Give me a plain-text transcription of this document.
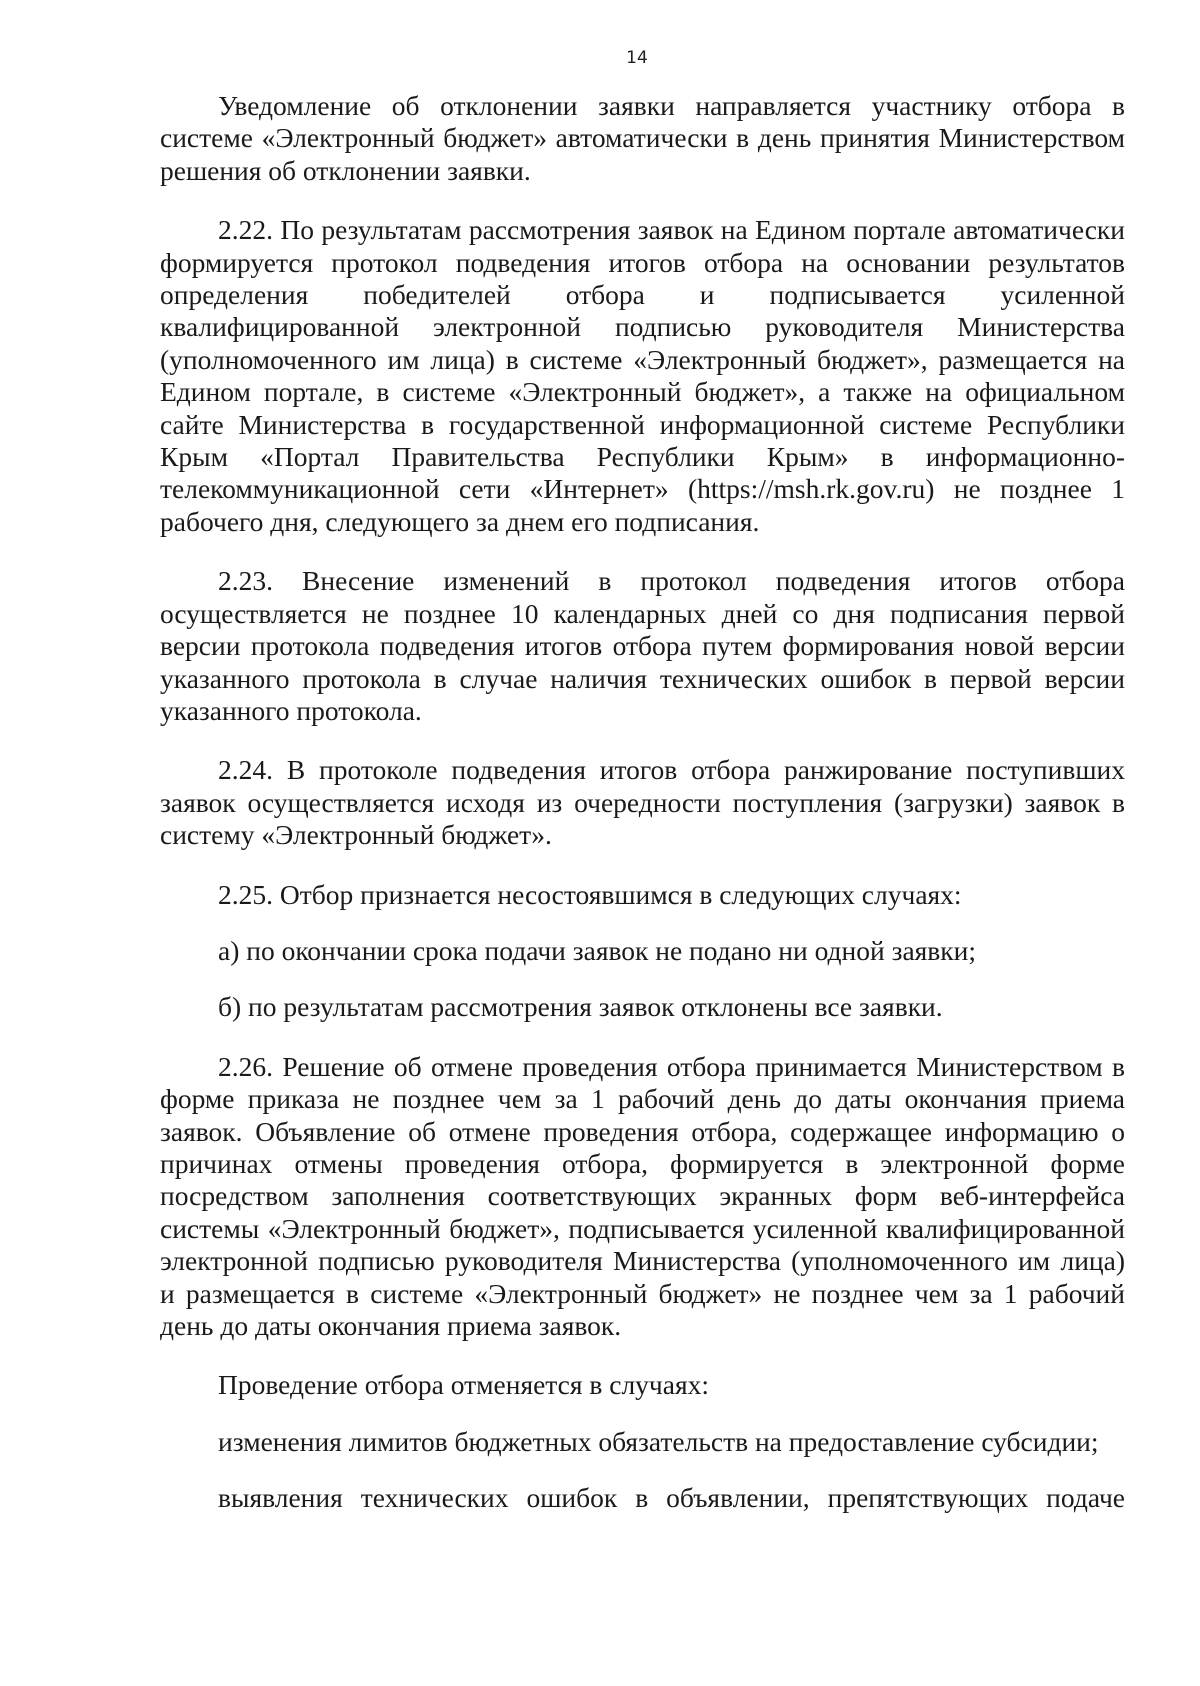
14

Уведомление об отклонении заявки направляется участнику отбора в системе «Электронный бюджет» автоматически в день принятия Министерством решения об отклонении заявки.

2.22. По результатам рассмотрения заявок на Едином портале автоматически формируется протокол подведения итогов отбора на основании результатов определения победителей отбора и подписывается усиленной квалифицированной электронной подписью руководителя Министерства (уполномоченного им лица) в системе «Электронный бюджет», размещается на Едином портале, в системе «Электронный бюджет», а также на официальном сайте Министерства в государственной информационной системе Республики Крым «Портал Правительства Республики Крым» в информационно-телекоммуникационной сети «Интернет» (https://msh.rk.gov.ru) не позднее 1 рабочего дня, следующего за днем его подписания.

2.23. Внесение изменений в протокол подведения итогов отбора осуществляется не позднее 10 календарных дней со дня подписания первой версии протокола подведения итогов отбора путем формирования новой версии указанного протокола в случае наличия технических ошибок в первой версии указанного протокола.

2.24. В протоколе подведения итогов отбора ранжирование поступивших заявок осуществляется исходя из очередности поступления (загрузки) заявок в систему «Электронный бюджет».

2.25. Отбор признается несостоявшимся в следующих случаях:

а) по окончании срока подачи заявок не подано ни одной заявки;

б) по результатам рассмотрения заявок отклонены все заявки.

2.26. Решение об отмене проведения отбора принимается Министерством в форме приказа не позднее чем за 1 рабочий день до даты окончания приема заявок. Объявление об отмене проведения отбора, содержащее информацию о причинах отмены проведения отбора, формируется в электронной форме посредством заполнения соответствующих экранных форм веб-интерфейса системы «Электронный бюджет», подписывается усиленной квалифицированной электронной подписью руководителя Министерства (уполномоченного им лица) и размещается в системе «Электронный бюджет» не позднее чем за 1 рабочий день до даты окончания приема заявок.

Проведение отбора отменяется в случаях:

изменения лимитов бюджетных обязательств на предоставление субсидии;

выявления технических ошибок в объявлении, препятствующих подаче
